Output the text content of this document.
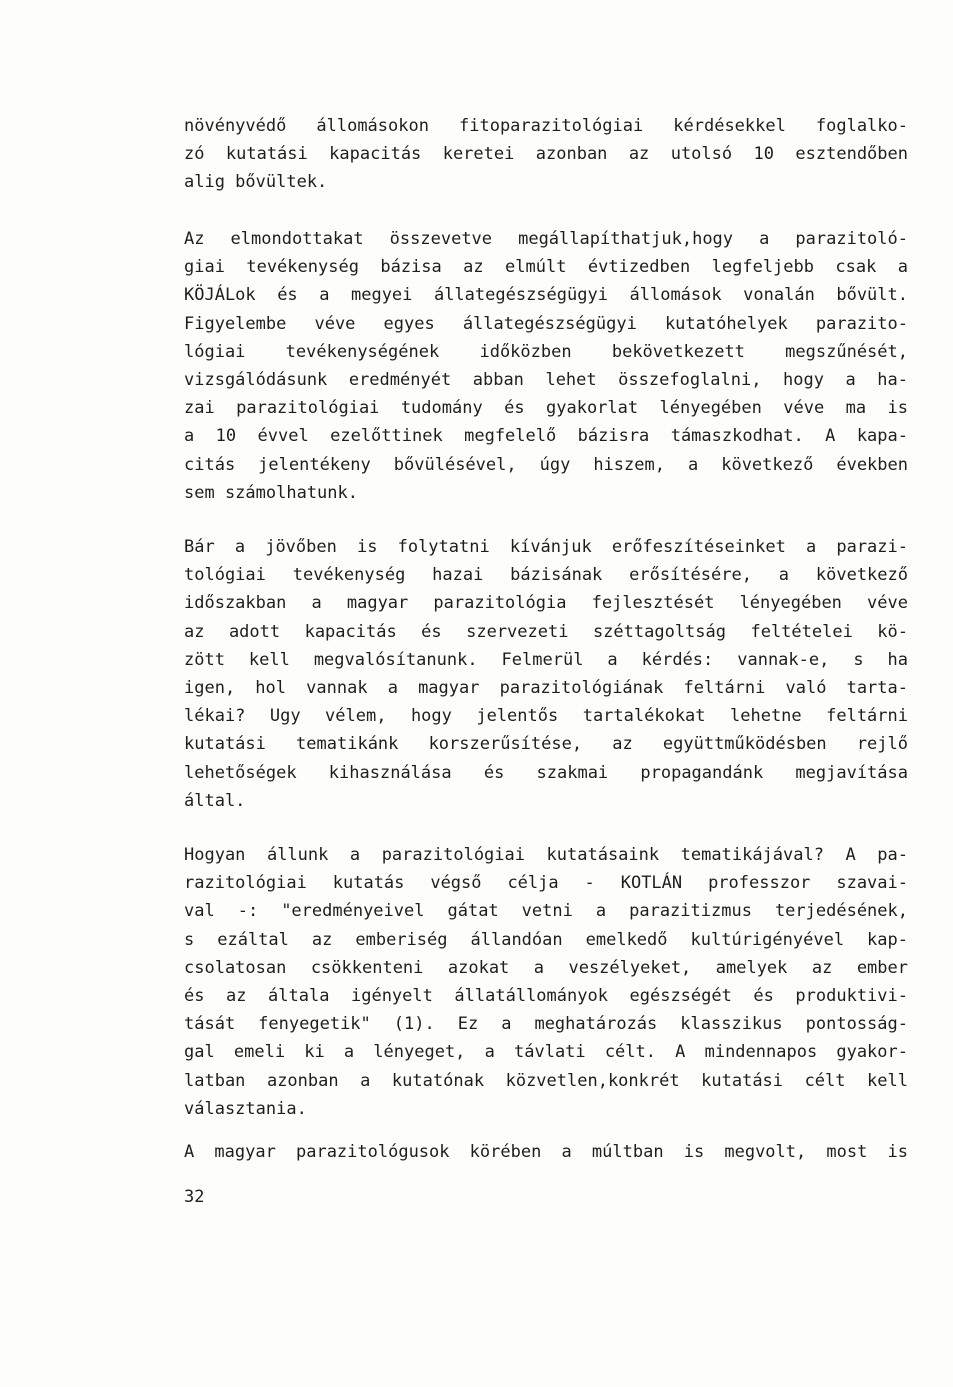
növényvédő állomásokon fitoparazitológiai kérdésekkel foglalko-
zó kutatási kapacitás keretei azonban az utolsó 10 esztendőben
alig bővültek.
Az elmondottakat összevetve megállapíthatjuk,hogy a parazitoló-
giai tevékenység bázisa az elmúlt évtizedben legfeljebb csak a
KÖJÁLok és a megyei állategészségügyi állomások vonalán bővült.
Figyelembe véve egyes állategészségügyi kutatóhelyek parazito-
lógiai tevékenységének időközben bekövetkezett megszűnését,
vizsgálódásunk eredményét abban lehet összefoglalni, hogy a ha-
zai parazitológiai tudomány és gyakorlat lényegében véve ma is
a 10 évvel ezelőttinek megfelelő bázisra támaszkodhat. A kapa-
citás jelentékeny bővülésével, úgy hiszem, a következő években
sem számolhatunk.
Bár a jövőben is folytatni kívánjuk erőfeszítéseinket a parazi-
tológiai tevékenység hazai bázisának erősítésére, a következő
időszakban a magyar parazitológia fejlesztését lényegében véve
az adott kapacitás és szervezeti széttagoltság feltételei kö-
zött kell megvalósítanunk. Felmerül a kérdés: vannak-e, s ha
igen, hol vannak a magyar parazitológiának feltárni való tarta-
lékai? Ugy vélem, hogy jelentős tartalékokat lehetne feltárni
kutatási tematikánk korszerűsítése, az együttműködésben rejlő
lehetőségek kihasználása és szakmai propagandánk megjavítása
által.
Hogyan állunk a parazitológiai kutatásaink tematikájával? A pa-
razitológiai kutatás végső célja - KOTLÁN professzor szavai-
val -: "eredményeivel gátat vetni a parazitizmus terjedésének,
s ezáltal az emberiség állandóan emelkedő kultúrigényével kap-
csolatosan csökkenteni azokat a veszélyeket, amelyek az ember
és az általa igényelt állatállományok egészségét és produktivi-
tását fenyegetik" (1). Ez a meghatározás klasszikus pontosság-
gal emeli ki a lényeget, a távlati célt. A mindennapos gyakor-
latban azonban a kutatónak közvetlen,konkrét kutatási célt kell
választania.
A magyar parazitológusok körében a múltban is megvolt, most is
32
